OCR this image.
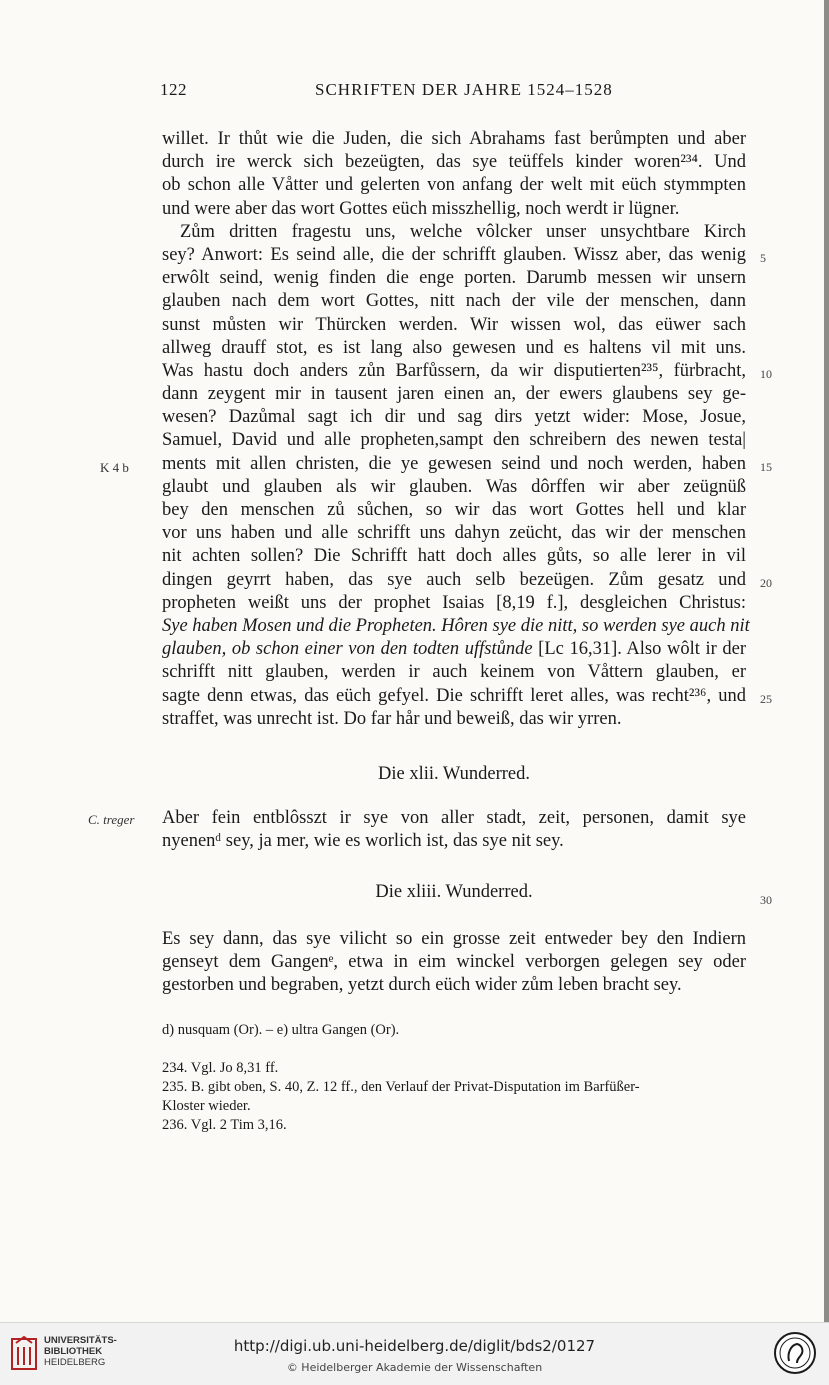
122	SCHRIFTEN DER JAHRE 1524–1528
willet. Ir thůt wie die Juden, die sich Abrahams fast berůmpten und aber
durch ire werck sich bezeügten, das sye teüffels kinder woren²³⁴. Und
ob schon alle Våtter und gelerten von anfang der welt mit eüch stymmpten
und were aber das wort Gottes eüch misszhellig, noch werdt ir lügner.
Zům dritten fragestu uns, welche vôlcker unser unsychtbare Kirch
sey? Anwort: Es seind alle, die der schrifft glauben. Wissz aber, das wenig
erwôlt seind, wenig finden die enge porten. Darumb messen wir unsern
glauben nach dem wort Gottes, nitt nach der vile der menschen, dann
sunst můsten wir Thürcken werden. Wir wissen wol, das eüwer sach
allweg drauff stot, es ist lang also gewesen und es haltens vil mit uns.
Was hastu doch anders zůn Barfůssern, da wir disputierten²³⁵, fürbracht,
dann zeygent mir in tausent jaren einen an, der ewers glaubens sey ge-
wesen? Dazůmal sagt ich dir und sag dirs yetzt wider: Mose, Josue,
Samuel, David und alle propheten,sampt den schreibern des newen testa|
ments mit allen christen, die ye gewesen seind und noch werden, haben
glaubt und glauben als wir glauben. Was dôrffen wir aber zeügnüß
bey den menschen zů sůchen, so wir das wort Gottes hell und klar
vor uns haben und alle schrifft uns dahyn zeücht, das wir der menschen
nit achten sollen? Die Schrifft hatt doch alles gůts, so alle lerer in vil
dingen geyrrt haben, das sye auch selb bezeügen. Zům gesatz und
propheten weißt uns der prophet Isaias [8,19 f.], desgleichen Christus:
Sye haben Mosen und die Propheten. Hôren sye die nitt, so werden sye auch nit
glauben, ob schon einer von den todten uffstůnde [Lc 16,31]. Also wôlt ir der
schrifft nitt glauben, werden ir auch keinem von Våttern glauben, er
sagte denn etwas, das eüch gefyel. Die schrifft leret alles, was recht²³⁶, und
straffet, was unrecht ist. Do far hår und beweiß, das wir yrren.
5
10
15
20
25
30
K 4 b
C. treger
Die xlii. Wunderred.
Aber fein entblôsszt ir sye von aller stadt, zeit, personen, damit sye
nyenenᵈ sey, ja mer, wie es worlich ist, das sye nit sey.
Die xliii. Wunderred.
Es sey dann, das sye vilicht so ein grosse zeit entweder bey den Indiern
genseyt dem Gangenᵉ, etwa in eim winckel verborgen gelegen sey oder
gestorben und begraben, yetzt durch eüch wider zům leben bracht sey.
d) nusquam (Or). – e) ultra Gangen (Or).
234. Vgl. Jo 8,31 ff.
235. B. gibt oben, S. 40, Z. 12 ff., den Verlauf der Privat-Disputation im Barfüßer-
Kloster wieder.
236. Vgl. 2 Tim 3,16.
UNIVERSITÄTS-
BIBLIOTHEK
HEIDELBERG
http://digi.ub.uni-heidelberg.de/diglit/bds2/0127
© Heidelberger Akademie der Wissenschaften
